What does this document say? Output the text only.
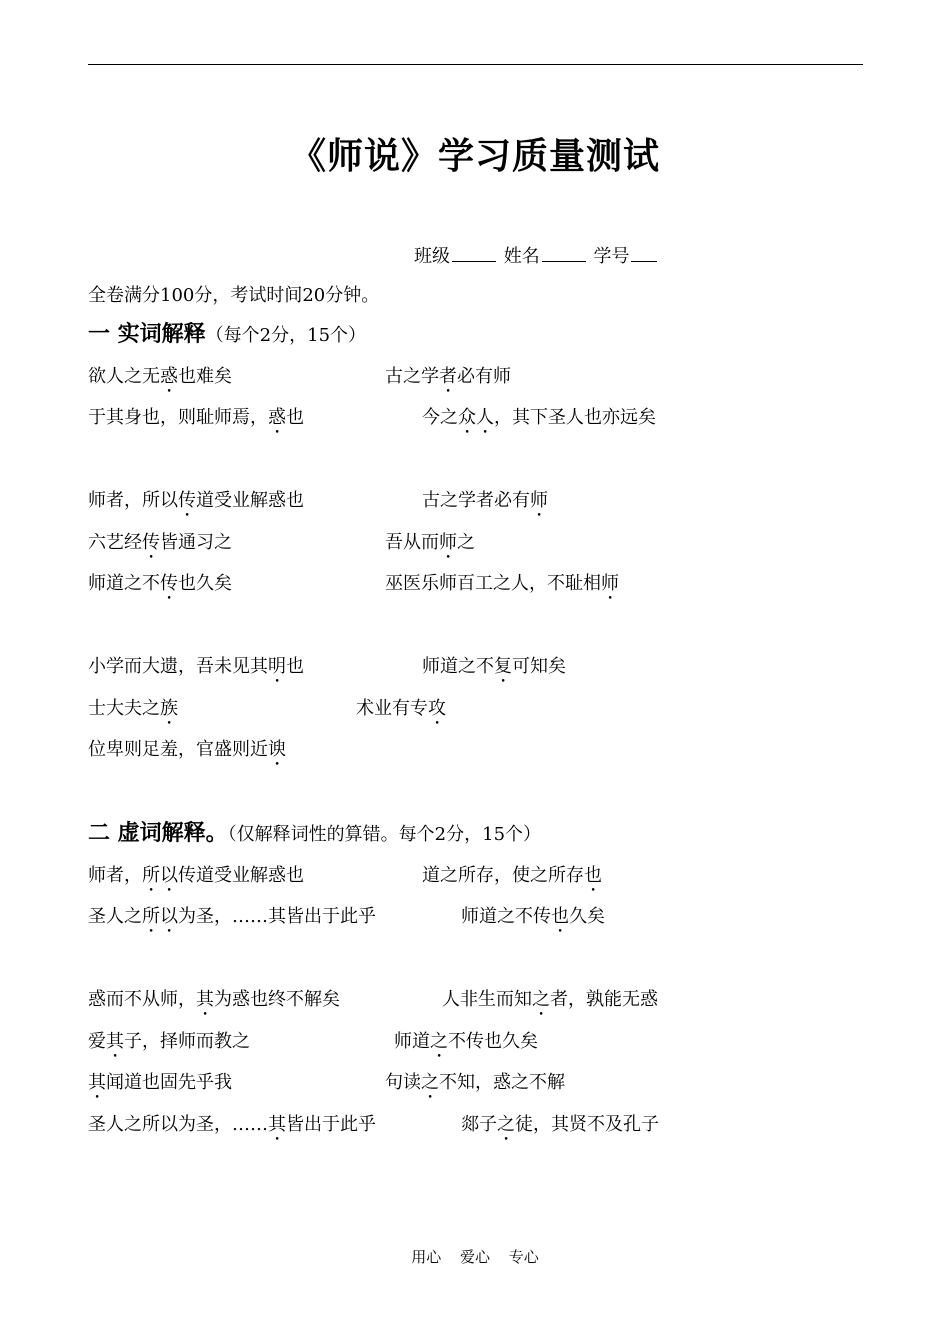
《师说》学习质量测试
班级	姓名	学号
全卷满分100分，考试时间20分钟。
一 实词解释（每个2分，15个）
欲人之无惑也难矣	古之学者必有师
于其身也，则耻师焉，惑也	今之众人，其下圣人也亦远矣
师者，所以传道受业解惑也	古之学者必有师
六艺经传皆通习之	吾从而师之
师道之不传也久矣	巫医乐师百工之人，不耻相师
小学而大遗，吾未见其明也	师道之不复可知矣
士大夫之族	术业有专攻
位卑则足羞，官盛则近谀
二 虚词解释。（仅解释词性的算错。每个2分，15个）
师者，所以传道受业解惑也	道之所存，使之所存也
圣人之所以为圣，……其皆出于此乎	师道之不传也久矣
惑而不从师，其为惑也终不解矣	人非生而知之者，孰能无惑
爱其子，择师而教之	师道之不传也久矣
其闻道也固先乎我	句读之不知，惑之不解
圣人之所以为圣，……其皆出于此乎	郯子之徒，其贤不及孔子
用心 爱心 专心
